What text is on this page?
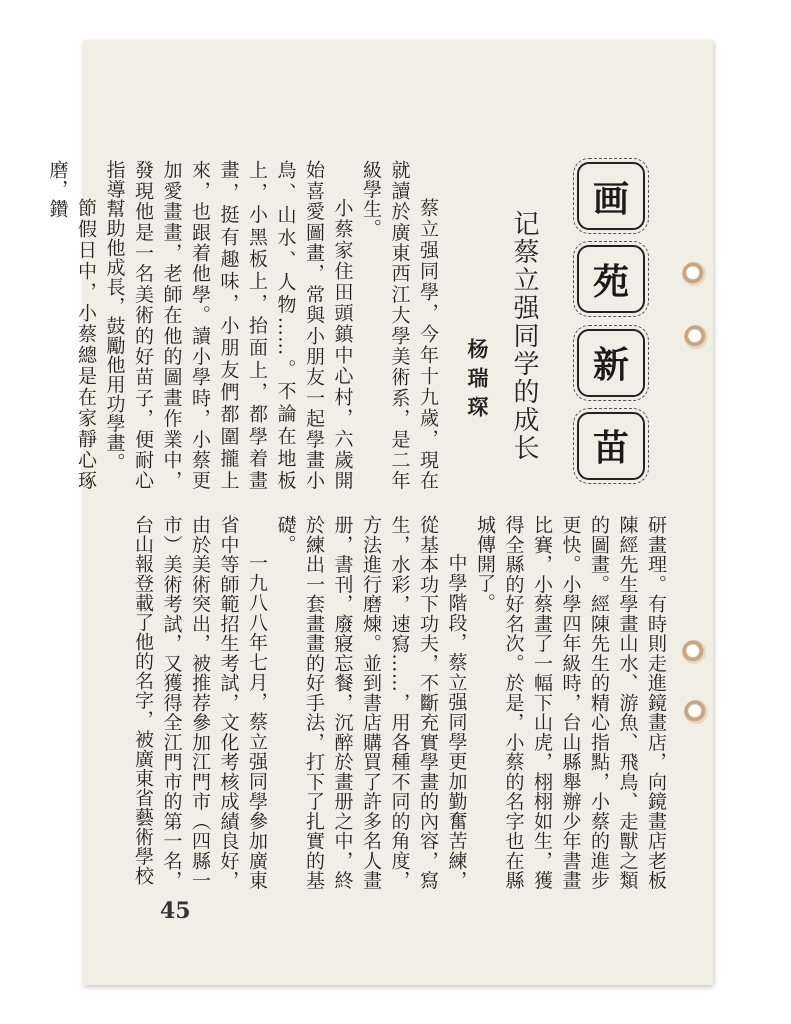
画
苑
新
苗
记蔡立强同学的成长
杨瑞琛

蔡立强同學，今年十九歲，現在就讀於廣東西江大學美術系，是二年級學生。

小蔡家住田頭鎮中心村，六歲開始喜愛圖畫，常與小朋友一起學畫小鳥、山水、人物……。不論在地板上，小黑板上，抬面上，都學着畫畫，挺有趣味，小朋友們都圍攏上來，也跟着他學。讀小學時，小蔡更加愛畫畫，老師在他的圖畫作業中，發現他是一名美術的好苗子，便耐心指導幫助他成長，鼓勵他用功學畫。

節假日中，小蔡總是在家靜心琢磨，鑽

研畫理。有時則走進鏡畫店，向鏡畫店老板陳經先生學畫山水、游魚、飛鳥、走獸之類的圖畫。經陳先生的精心指點，小蔡的進步更快。小學四年級時，台山縣舉辦少年書畫比賽，小蔡畫了一幅下山虎，栩栩如生，獲得全縣的好名次。於是，小蔡的名字也在縣城傳開了。

中學階段，蔡立强同學更加勤奮苦練，從基本功下功夫，不斷充實學畫的內容，寫生，水彩，速寫……，用各種不同的角度，方法進行磨煉。並到書店購買了許多名人畫册，書刊，廢寢忘餐，沉醉於畫册之中，終於練出一套畫畫的好手法，打下了扎實的基礎。

一九八八年七月，蔡立强同學參加廣東省中等師範招生考試，文化考核成績良好，由於美術突出，被推荐參加江門市（四縣一市）美術考試，又獲得全江門市的第一名，台山報登載了他的名字，被廣東省藝術學校

45
